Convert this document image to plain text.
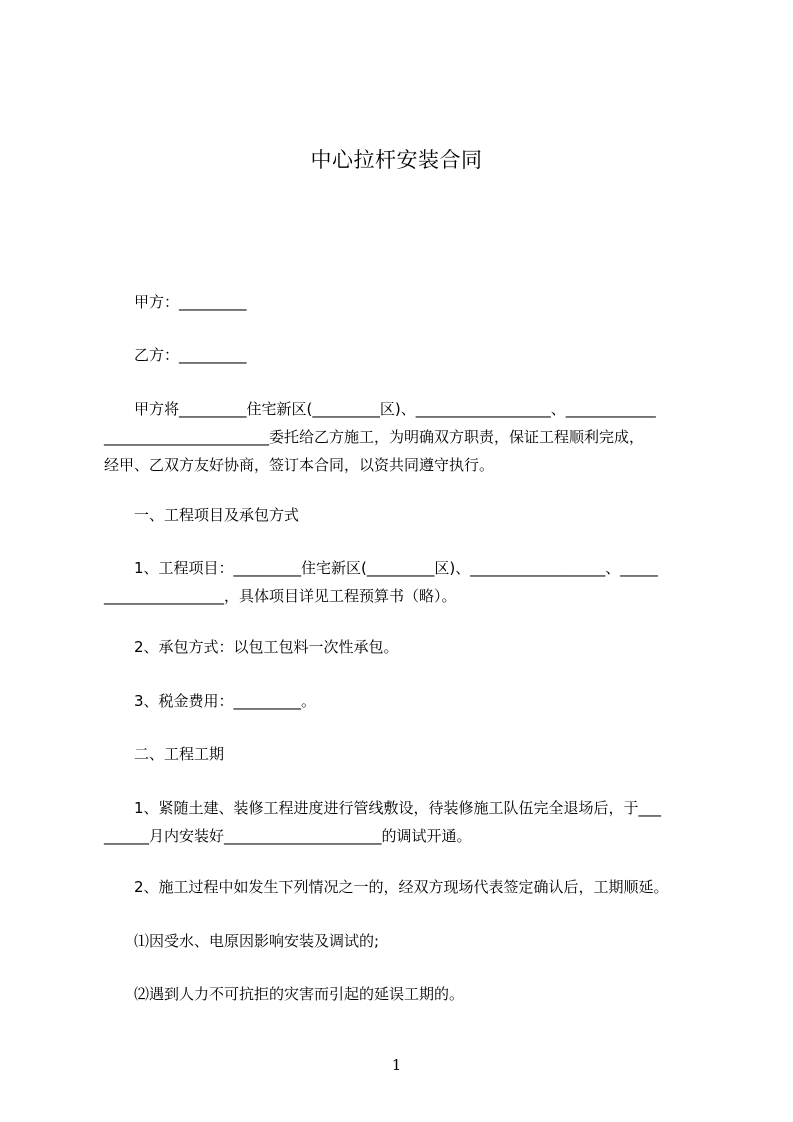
中心拉杆安装合同
　　甲方：_________
　　乙方：_________
　　甲方将_________住宅新区(_________区)、__________________、____________
______________________委托给乙方施工，为明确双方职责，保证工程顺利完成，
经甲、乙双方友好协商，签订本合同，以资共同遵守执行。
　　一、工程项目及承包方式
　　1、工程项目：_________住宅新区(_________区)、__________________、_____
________________，具体项目详见工程预算书（略）。
　　2、承包方式：以包工包料一次性承包。
　　3、税金费用：_________。
　　二、工程工期
　　1、紧随土建、装修工程进度进行管线敷设，待装修施工队伍完全退场后，于___
______月内安装好_____________________的调试开通。
　　2、施工过程中如发生下列情况之一的，经双方现场代表签定确认后，工期顺延。
　　⑴因受水、电原因影响安装及调试的;
　　⑵遇到人力不可抗拒的灾害而引起的延误工期的。
1
